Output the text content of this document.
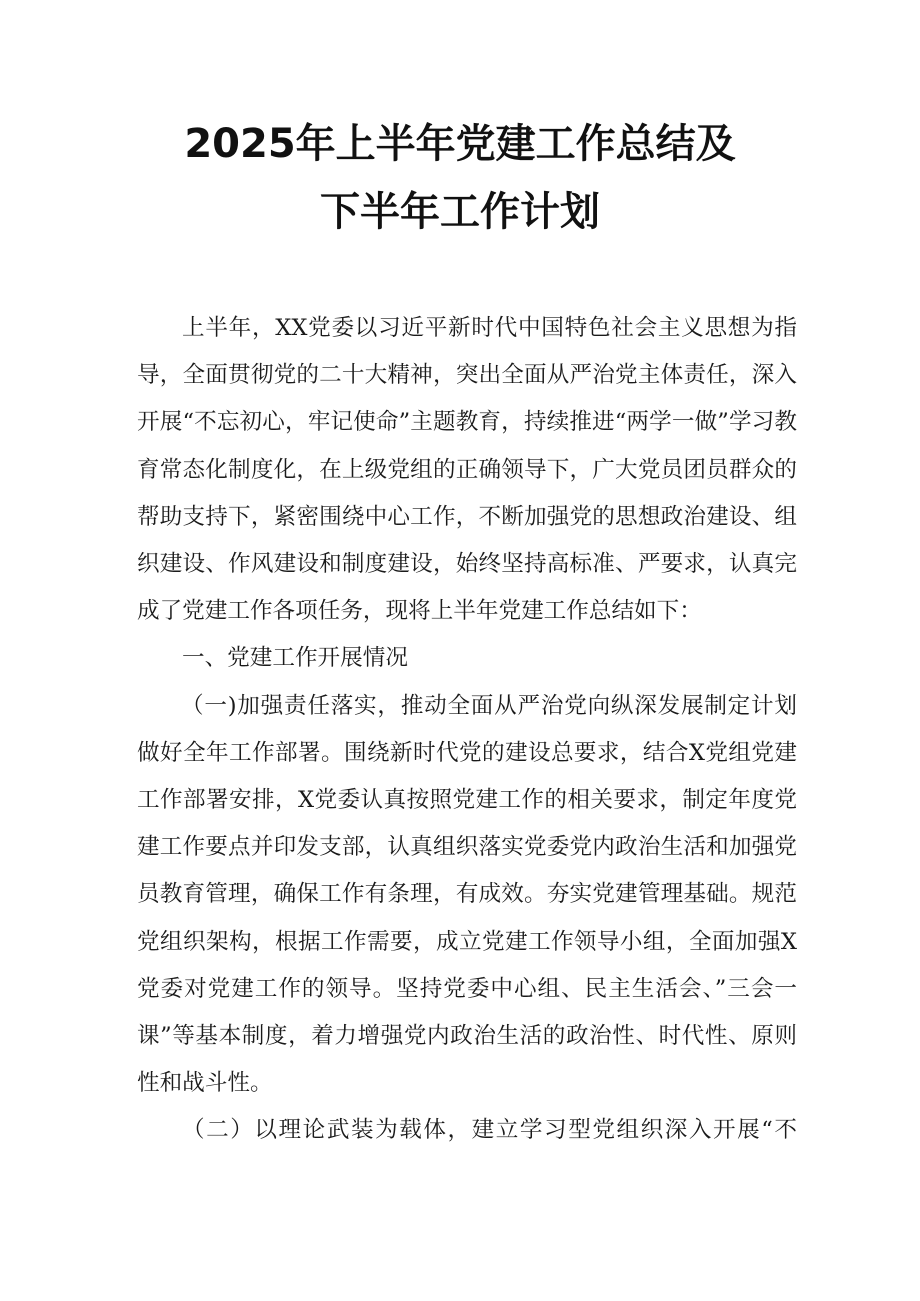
2025年上半年党建工作总结及
下半年工作计划

上半年，XX党委以习近平新时代中国特色社会主义思想为指导，全面贯彻党的二十大精神，突出全面从严治党主体责任，深入开展“不忘初心，牢记使命”主题教育，持续推进“两学一做”学习教育常态化制度化，在上级党组的正确领导下，广大党员团员群众的帮助支持下，紧密围绕中心工作，不断加强党的思想政治建设、组织建设、作风建设和制度建设，始终坚持高标准、严要求，认真完成了党建工作各项任务，现将上半年党建工作总结如下：

一、党建工作开展情况

（一)加强责任落实，推动全面从严治党向纵深发展制定计划做好全年工作部署。围绕新时代党的建设总要求，结合X党组党建工作部署安排，X党委认真按照党建工作的相关要求，制定年度党建工作要点并印发支部，认真组织落实党委党内政治生活和加强党员教育管理，确保工作有条理，有成效。夯实党建管理基础。规范党组织架构，根据工作需要，成立党建工作领导小组，全面加强X党委对党建工作的领导。坚持党委中心组、民主生活会、”三会一课”等基本制度，着力增强党内政治生活的政治性、时代性、原则性和战斗性。

（二）以理论武装为载体，建立学习型党组织深入开展“不
